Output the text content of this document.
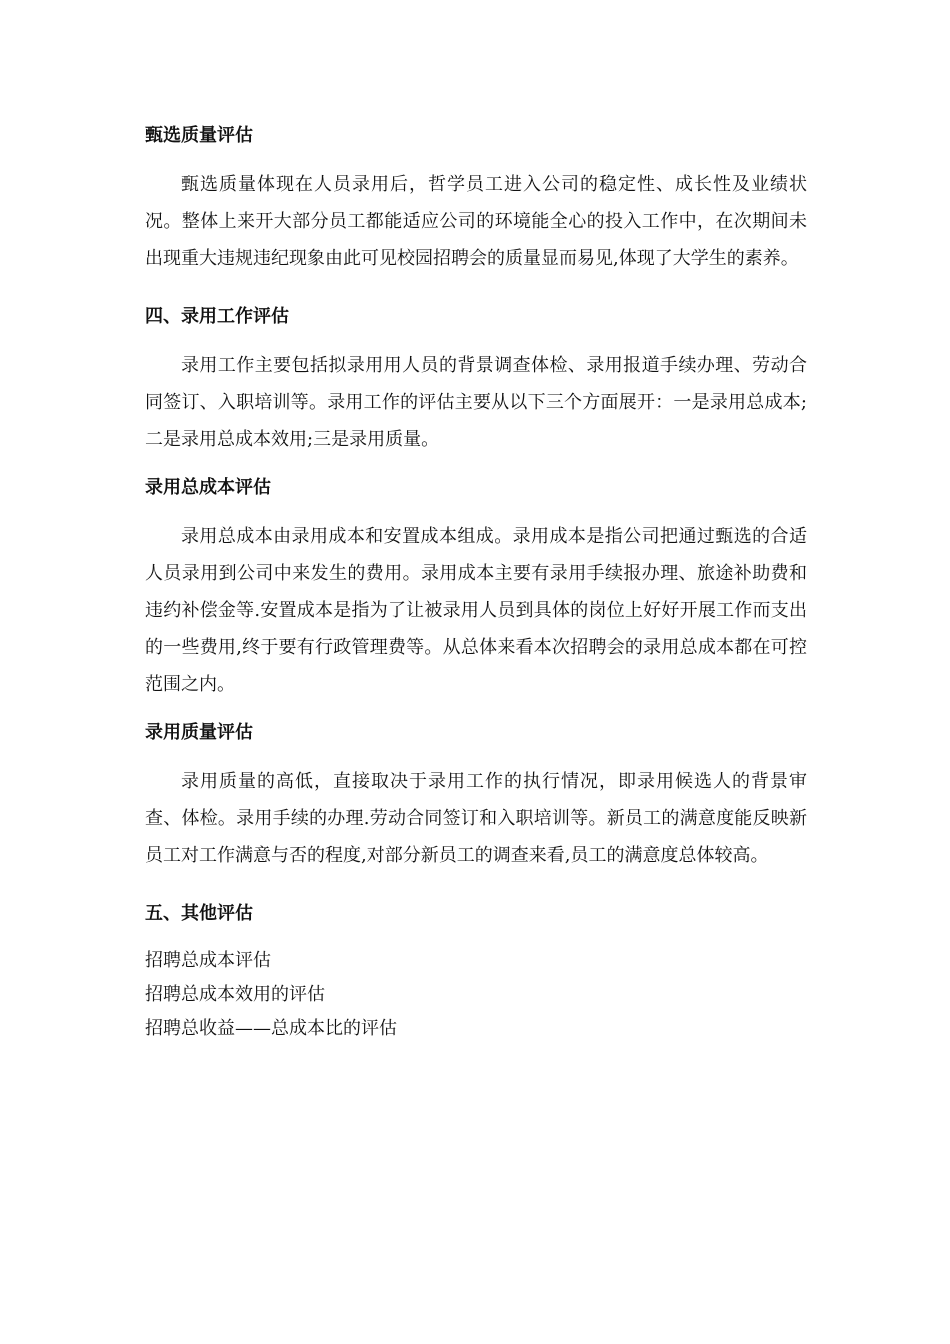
甄选质量评估

甄选质量体现在人员录用后，哲学员工进入公司的稳定性、成长性及业绩状况。整体上来开大部分员工都能适应公司的环境能全心的投入工作中，在次期间未出现重大违规违纪现象由此可见校园招聘会的质量显而易见,体现了大学生的素养。

四、录用工作评估

录用工作主要包括拟录用用人员的背景调查体检、录用报道手续办理、劳动合同签订、入职培训等。录用工作的评估主要从以下三个方面展开：一是录用总成本;二是录用总成本效用;三是录用质量。

录用总成本评估

录用总成本由录用成本和安置成本组成。录用成本是指公司把通过甄选的合适人员录用到公司中来发生的费用。录用成本主要有录用手续报办理、旅途补助费和违约补偿金等.安置成本是指为了让被录用人员到具体的岗位上好好开展工作而支出的一些费用,终于要有行政管理费等。从总体来看本次招聘会的录用总成本都在可控范围之内。

录用质量评估

录用质量的高低，直接取决于录用工作的执行情况，即录用候选人的背景审查、体检。录用手续的办理.劳动合同签订和入职培训等。新员工的满意度能反映新员工对工作满意与否的程度,对部分新员工的调查来看,员工的满意度总体较高。

五、其他评估
招聘总成本评估
招聘总成本效用的评估
招聘总收益——总成本比的评估
